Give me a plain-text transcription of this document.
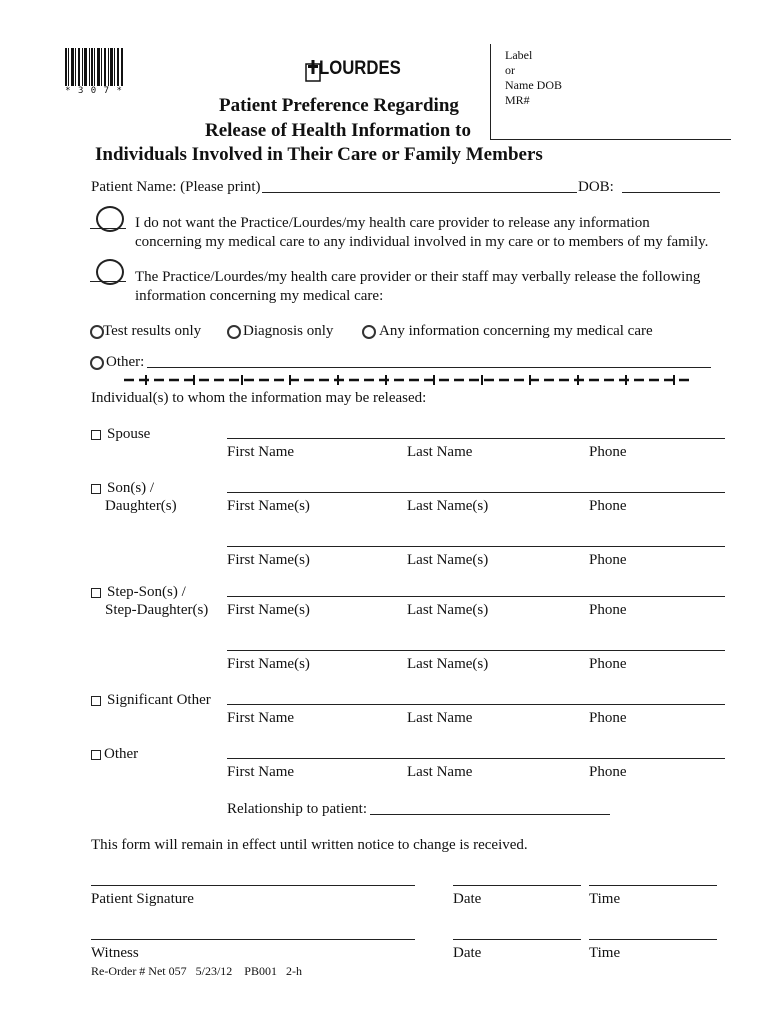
* 3 0 7 *
LOURDES
Label
or
Name DOB
MR#
Patient Preference Regarding
Release of Health Information to
Individuals Involved in Their Care or Family Members
Patient Name: (Please print)	DOB:
I do not want the Practice/Lourdes/my health care provider to release any information
concerning my medical care to any individual involved in my care or to members of my family.
The Practice/Lourdes/my health care provider or their staff may verbally release the following
information concerning my medical care:
Test results only	Diagnosis only	Any information concerning my medical care
Other:
Individual(s) to whom the information may be released:
Spouse
First Name	Last Name	Phone
Son(s) /
Daughter(s)	First Name(s)	Last Name(s)	Phone
First Name(s)	Last Name(s)	Phone
Step-Son(s) /
Step-Daughter(s) First Name(s)	Last Name(s)	Phone
First Name(s)	Last Name(s)	Phone
Significant Other
First Name	Last Name	Phone
Other
First Name	Last Name	Phone
Relationship to patient:
This form will remain in effect until written notice to change is received.
Patient Signature	Date	Time
Witness	Date	Time
Re-Order # Net 057   5/23/12    PB001   2-h
